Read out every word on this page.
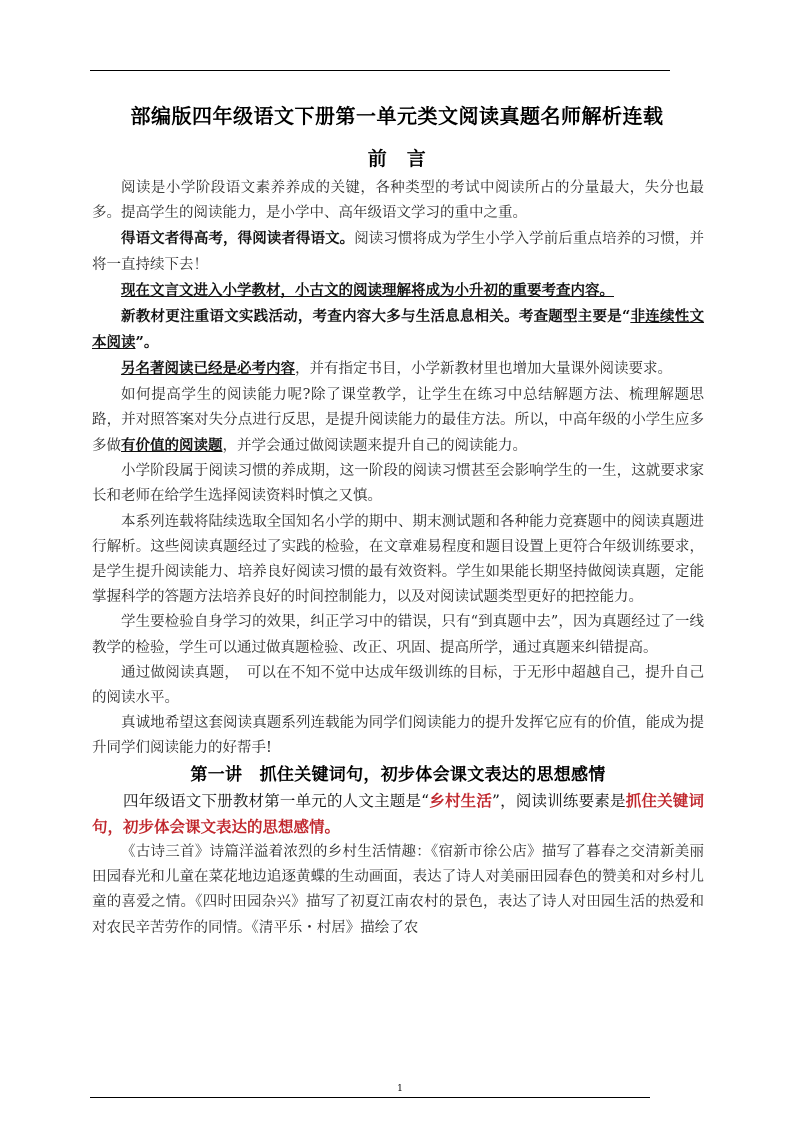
部编版四年级语文下册第一单元类文阅读真题名师解析连载
前　言

阅读是小学阶段语文素养养成的关键，各种类型的考试中阅读所占的分量最大，失分也最多。提高学生的阅读能力，是小学中、高年级语文学习的重中之重。

得语文者得高考，得阅读者得语文。阅读习惯将成为学生小学入学前后重点培养的习惯，并将一直持续下去！

现在文言文进入小学教材，小古文的阅读理解将成为小升初的重要考查内容。

新教材更注重语文实践活动，考查内容大多与生活息息相关。考查题型主要是“非连续性文本阅读”。

另名著阅读已经是必考内容，并有指定书目，小学新教材里也增加大量课外阅读要求。

如何提高学生的阅读能力呢?除了课堂教学，让学生在练习中总结解题方法、梳理解题思路，并对照答案对失分点进行反思，是提升阅读能力的最佳方法。所以，中高年级的小学生应多多做有价值的阅读题，并学会通过做阅读题来提升自己的阅读能力。

小学阶段属于阅读习惯的养成期，这一阶段的阅读习惯甚至会影响学生的一生，这就要求家长和老师在给学生选择阅读资料时慎之又慎。

本系列连载将陆续选取全国知名小学的期中、期末测试题和各种能力竞赛题中的阅读真题进行解析。这些阅读真题经过了实践的检验，在文章难易程度和题目设置上更符合年级训练要求，是学生提升阅读能力、培养良好阅读习惯的最有效资料。学生如果能长期坚持做阅读真题，定能掌握科学的答题方法培养良好的时间控制能力，以及对阅读试题类型更好的把控能力。

学生要检验自身学习的效果，纠正学习中的错误，只有“到真题中去”，因为真题经过了一线教学的检验，学生可以通过做真题检验、改正、巩固、提高所学，通过真题来纠错提高。

通过做阅读真题，　可以在不知不觉中达成年级训练的目标，于无形中超越自己，提升自己的阅读水平。

真诚地希望这套阅读真题系列连载能为同学们阅读能力的提升发挥它应有的价值，能成为提升同学们阅读能力的好帮手!

第一讲　抓住关键词句，初步体会课文表达的思想感情

四年级语文下册教材第一单元的人文主题是“乡村生活”，阅读训练要素是抓住关键词句，初步体会课文表达的思想感情。

《古诗三首》诗篇洋溢着浓烈的乡村生活情趣：《宿新市徐公店》描写了暮春之交清新美丽田园春光和儿童在菜花地边追逐黄蝶的生动画面，表达了诗人对美丽田园春色的赞美和对乡村儿童的喜爱之情。《四时田园杂兴》描写了初夏江南农村的景色，表达了诗人对田园生活的热爱和对农民辛苦劳作的同情。《清平乐・村居》描绘了农

1
